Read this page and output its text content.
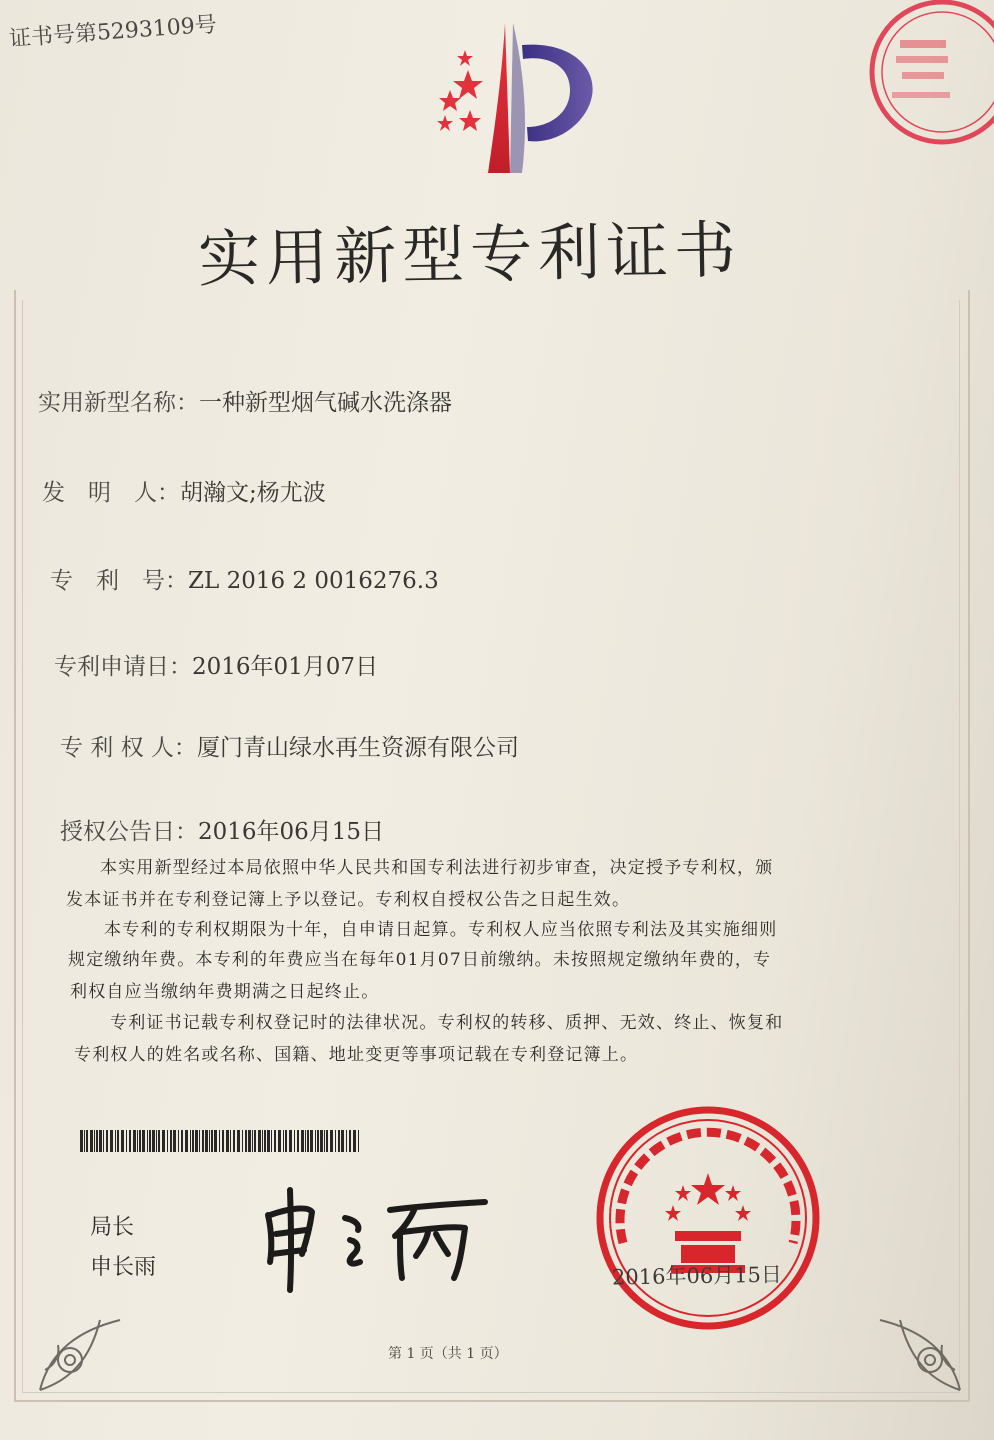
证书号第5293109号
实用新型专利证书
实用新型名称：一种新型烟气碱水洗涤器
发　明　人：胡瀚文;杨尤波
专　利　号：ZL 2016 2 0016276.3
专利申请日：2016年01月07日
专 利 权 人：厦门青山绿水再生资源有限公司
授权公告日：2016年06月15日
本实用新型经过本局依照中华人民共和国专利法进行初步审查，决定授予专利权，颁
发本证书并在专利登记簿上予以登记。专利权自授权公告之日起生效。
本专利的专利权期限为十年，自申请日起算。专利权人应当依照专利法及其实施细则
规定缴纳年费。本专利的年费应当在每年01月07日前缴纳。未按照规定缴纳年费的，专
利权自应当缴纳年费期满之日起终止。
专利证书记载专利权登记时的法律状况。专利权的转移、质押、无效、终止、恢复和
专利权人的姓名或名称、国籍、地址变更等事项记载在专利登记簿上。
局长
申长雨	2016年06月15日
第 1 页（共 1 页）
